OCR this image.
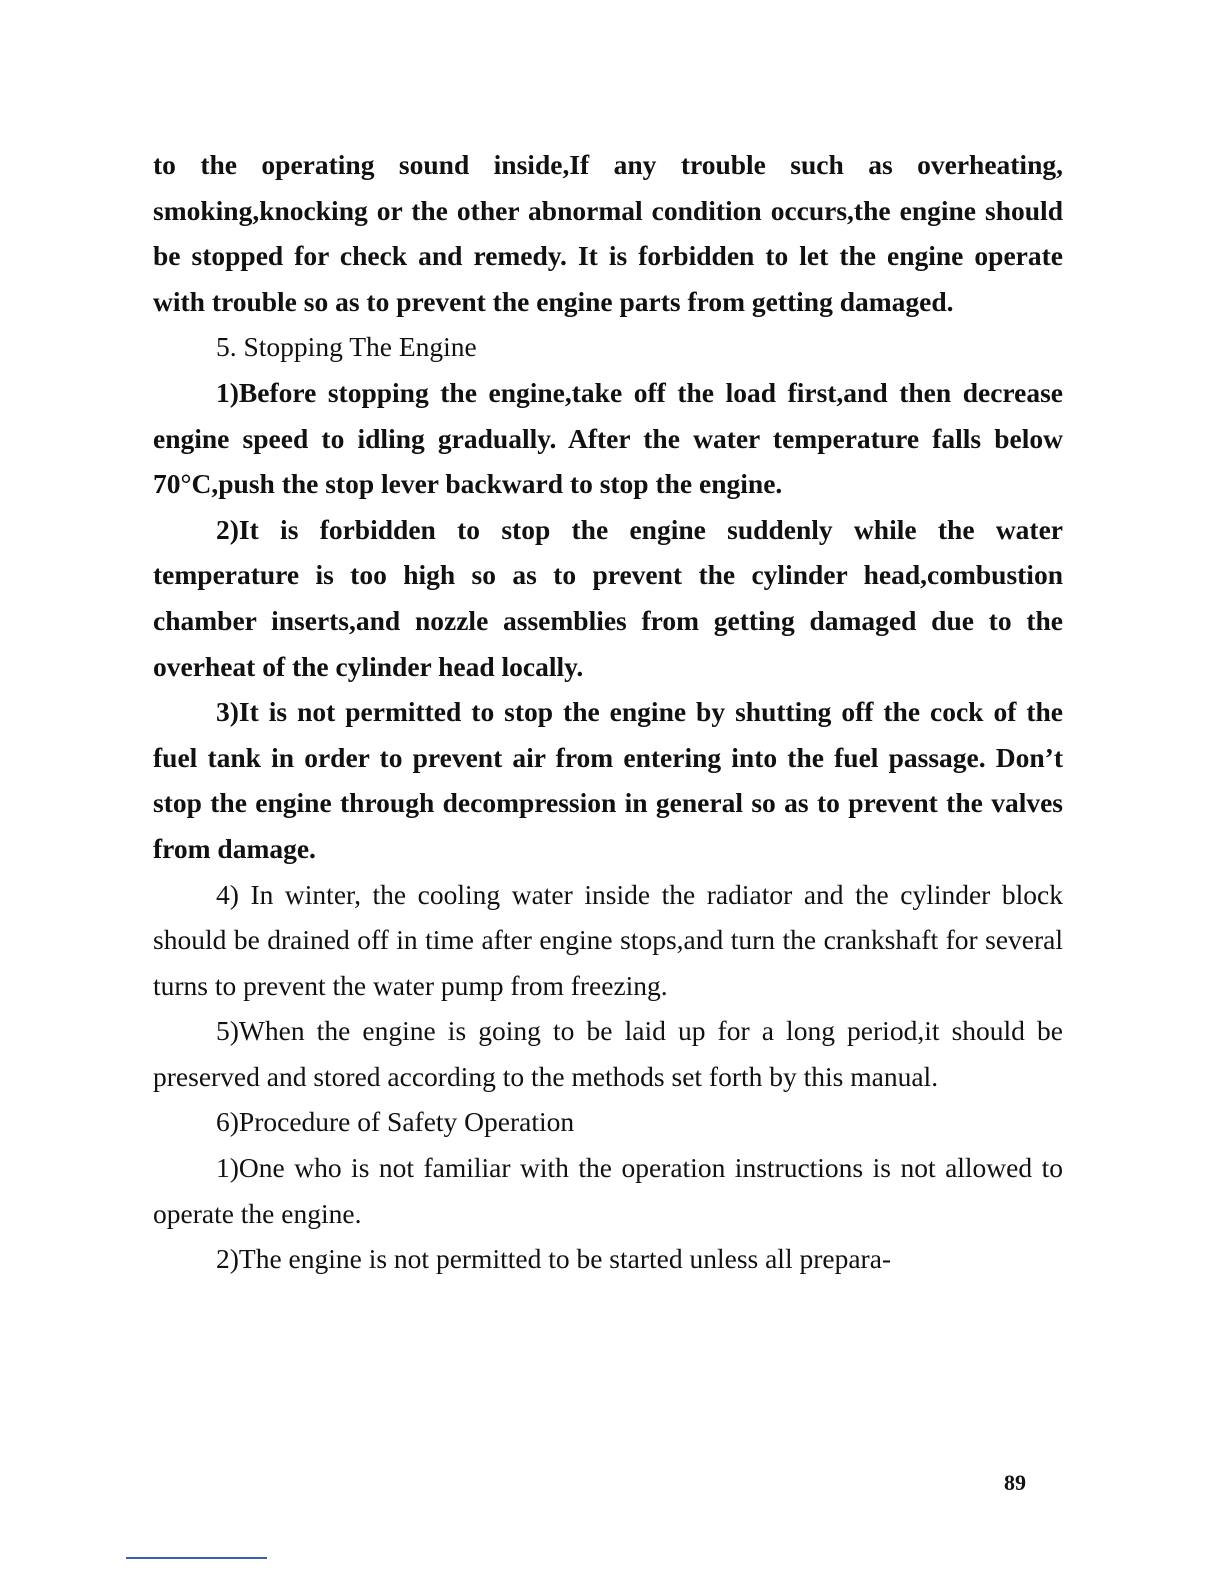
to the operating sound inside,If any trouble such as overheating, smoking,knocking or the other abnormal condition occurs,the engine should be stopped for check and remedy. It is forbidden to let the engine operate with trouble so as to prevent the engine parts from getting damaged.

5. Stopping The Engine

1)Before stopping the engine,take off the load first,and then decrease engine speed to idling gradually. After the water temperature falls below 70°C,push the stop lever backward to stop the engine.

2)It is forbidden to stop the engine suddenly while the water temperature is too high so as to prevent the cylinder head,combustion chamber inserts,and nozzle assemblies from getting damaged due to the overheat of the cylinder head locally.

3)It is not permitted to stop the engine by shutting off the cock of the fuel tank in order to prevent air from entering into the fuel passage. Don’t stop the engine through decompression in general so as to prevent the valves from damage.

4) In winter, the cooling water inside the radiator and the cylinder block should be drained off in time after engine stops,and turn the crankshaft for several turns to prevent the water pump from freezing.

5)When the engine is going to be laid up for a long period,it should be preserved and stored according to the methods set forth by this manual.

6)Procedure of Safety Operation

1)One who is not familiar with the operation instructions is not allowed to operate the engine.

2)The engine is not permitted to be started unless all prepara-

89
